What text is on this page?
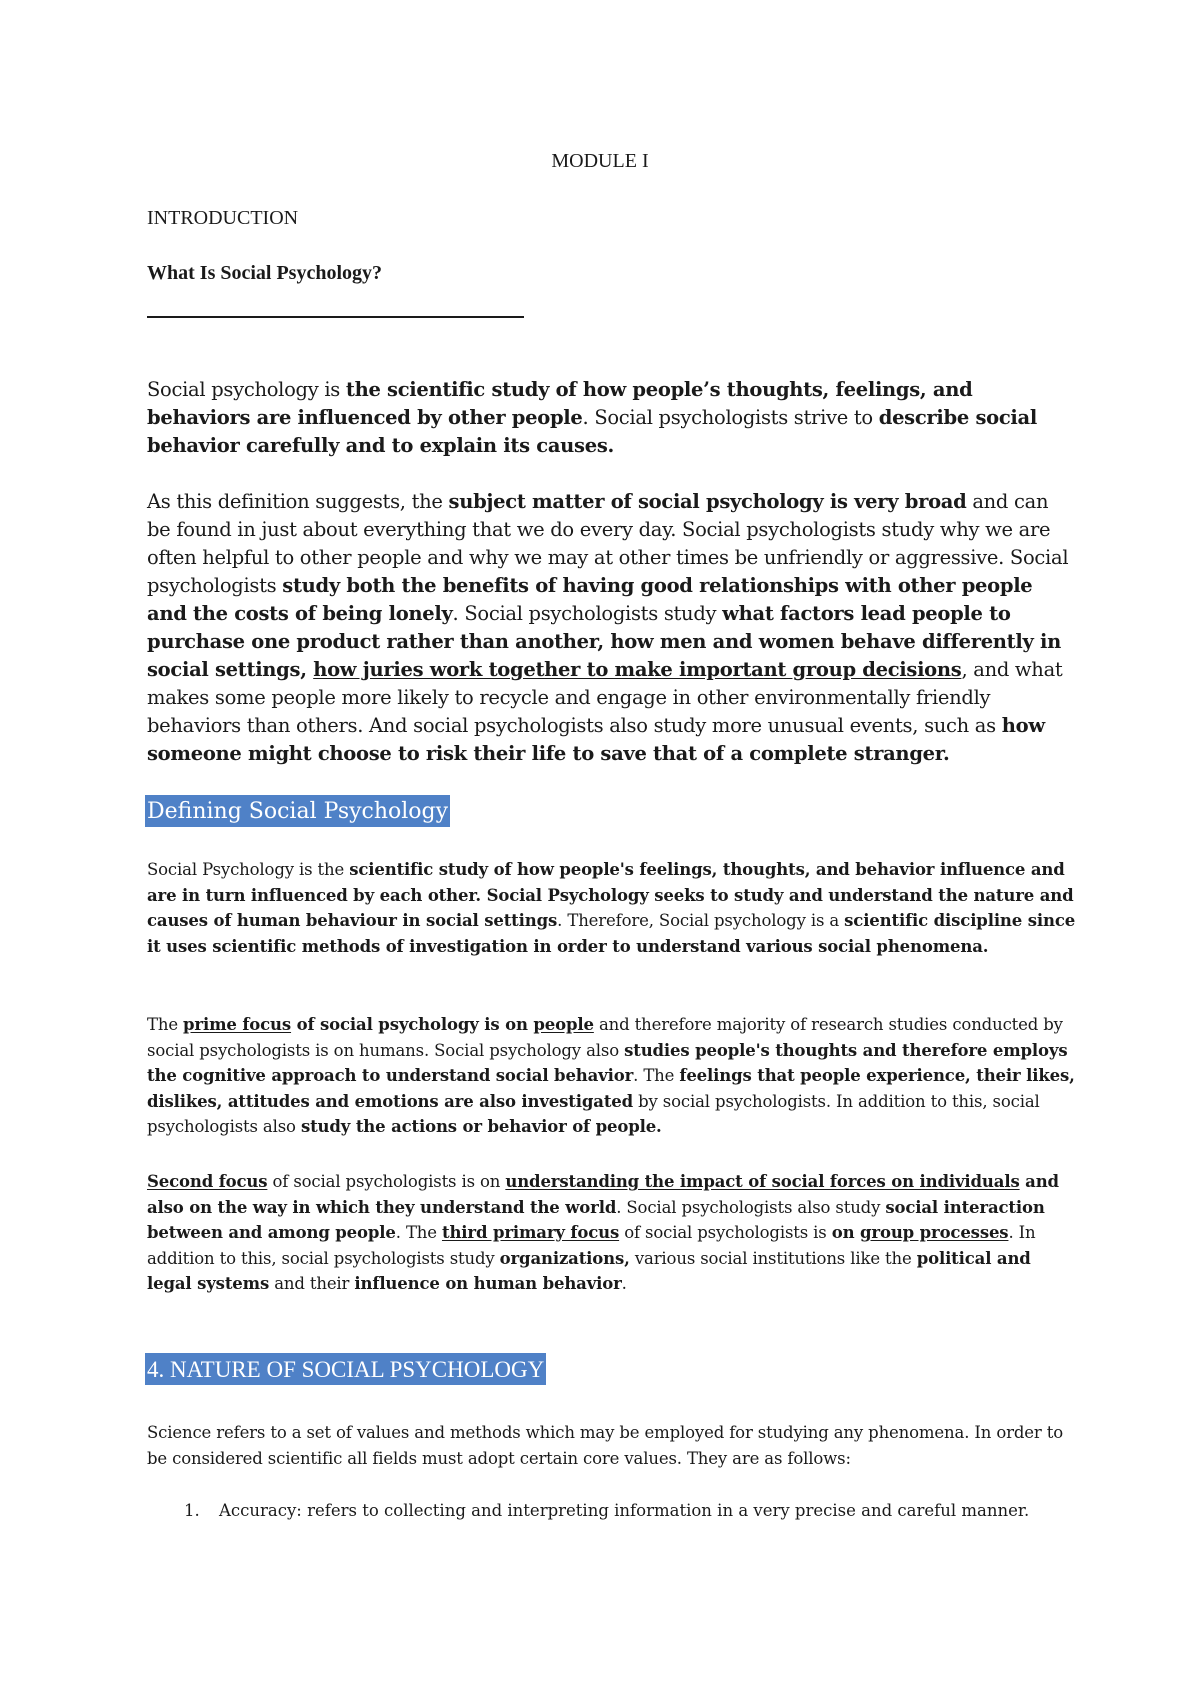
MODULE I
INTRODUCTION
What Is Social Psychology?
Social psychology is the scientific study of how people’s thoughts, feelings, and behaviors are influenced by other people. Social psychologists strive to describe social behavior carefully and to explain its causes.
As this definition suggests, the subject matter of social psychology is very broad and can be found in just about everything that we do every day. Social psychologists study why we are often helpful to other people and why we may at other times be unfriendly or aggressive. Social psychologists study both the benefits of having good relationships with other people and the costs of being lonely. Social psychologists study what factors lead people to purchase one product rather than another, how men and women behave differently in social settings, how juries work together to make important group decisions, and what makes some people more likely to recycle and engage in other environmentally friendly behaviors than others. And social psychologists also study more unusual events, such as how someone might choose to risk their life to save that of a complete stranger.
Defining Social Psychology
Social Psychology is the scientific study of how people's feelings, thoughts, and behavior influence and are in turn influenced by each other. Social Psychology seeks to study and understand the nature and causes of human behaviour in social settings. Therefore, Social psychology is a scientific discipline since it uses scientific methods of investigation in order to understand various social phenomena.
The prime focus of social psychology is on people and therefore majority of research studies conducted by social psychologists is on humans. Social psychology also studies people's thoughts and therefore employs the cognitive approach to understand social behavior. The feelings that people experience, their likes, dislikes, attitudes and emotions are also investigated by social psychologists. In addition to this, social psychologists also study the actions or behavior of people.
Second focus of social psychologists is on understanding the impact of social forces on individuals and also on the way in which they understand the world. Social psychologists also study social interaction between and among people. The third primary focus of social psychologists is on group processes. In addition to this, social psychologists study organizations, various social institutions like the political and legal systems and their influence on human behavior.
4. NATURE OF SOCIAL PSYCHOLOGY
Science refers to a set of values and methods which may be employed for studying any phenomena. In order to be considered scientific all fields must adopt certain core values. They are as follows:
1. Accuracy: refers to collecting and interpreting information in a very precise and careful manner.
